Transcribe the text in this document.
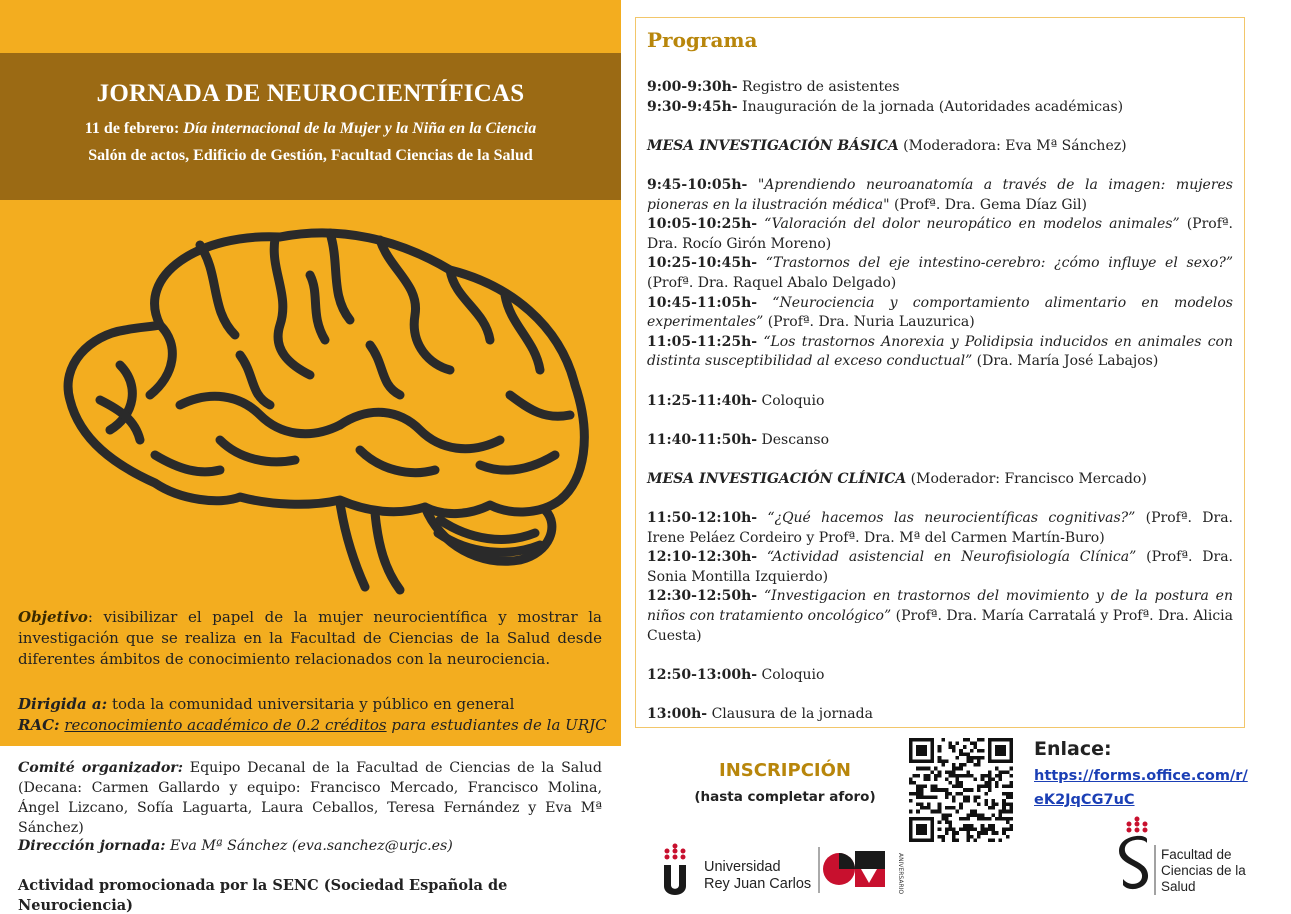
JORNADA DE NEUROCIENTÍFICAS
11 de febrero: Día internacional de la Mujer y la Niña en la Ciencia
Salón de actos, Edificio de Gestión, Facultad Ciencias de la Salud
Objetivo: visibilizar el papel de la mujer neurocientífica y mostrar la investigación que se realiza en la Facultad de Ciencias de la Salud desde diferentes ámbitos de conocimiento relacionados con la neurociencia.
Dirigida a: toda la comunidad universitaria y público en general
RAC: reconocimiento académico de 0.2 créditos para estudiantes de la URJC
Comité organizador: Equipo Decanal de la Facultad de Ciencias de la Salud (Decana: Carmen Gallardo y equipo: Francisco Mercado, Francisco Molina, Ángel Lizcano, Sofía Laguarta, Laura Ceballos, Teresa Fernández y Eva Mª Sánchez)
Dirección jornada: Eva Mª Sánchez (eva.sanchez@urjc.es)
Actividad promocionada por la SENC (Sociedad Española de Neurociencia)
Programa
9:00-9:30h- Registro de asistentes
9:30-9:45h- Inauguración de la jornada (Autoridades académicas)
MESA INVESTIGACIÓN BÁSICA (Moderadora: Eva Mª Sánchez)
9:45-10:05h- "Aprendiendo neuroanatomía a través de la imagen: mujeres pioneras en la ilustración médica" (Profª. Dra. Gema Díaz Gil)
10:05-10:25h- “Valoración del dolor neuropático en modelos animales” (Profª. Dra. Rocío Girón Moreno)
10:25-10:45h- “Trastornos del eje intestino-cerebro: ¿cómo influye el sexo?” (Profª. Dra. Raquel Abalo Delgado)
10:45-11:05h- “Neurociencia y comportamiento alimentario en modelos experimentales” (Profª. Dra. Nuria Lauzurica)
11:05-11:25h- “Los trastornos Anorexia y Polidipsia inducidos en animales con distinta susceptibilidad al exceso conductual” (Dra. María José Labajos)
11:25-11:40h- Coloquio
11:40-11:50h- Descanso
MESA INVESTIGACIÓN CLÍNICA (Moderador: Francisco Mercado)
11:50-12:10h- “¿Qué hacemos las neurocientíficas cognitivas?” (Profª. Dra. Irene Peláez Cordeiro y Profª. Dra. Mª del Carmen Martín-Buro)
12:10-12:30h- “Actividad asistencial en Neurofisiología Clínica” (Profª. Dra. Sonia Montilla Izquierdo)
12:30-12:50h- “Investigacion en trastornos del movimiento y de la postura en niños con tratamiento oncológico” (Profª. Dra. María Carratalá y Profª. Dra. Alicia Cuesta)
12:50-13:00h- Coloquio
13:00h- Clausura de la jornada
INSCRIPCIÓN
(hasta completar aforo)
Enlace:
https://forms.office.com/r/
eK2JqCG7uC
Universidad
Rey Juan Carlos	ANIVERSARIO	Facultad de
Ciencias de la
Salud
